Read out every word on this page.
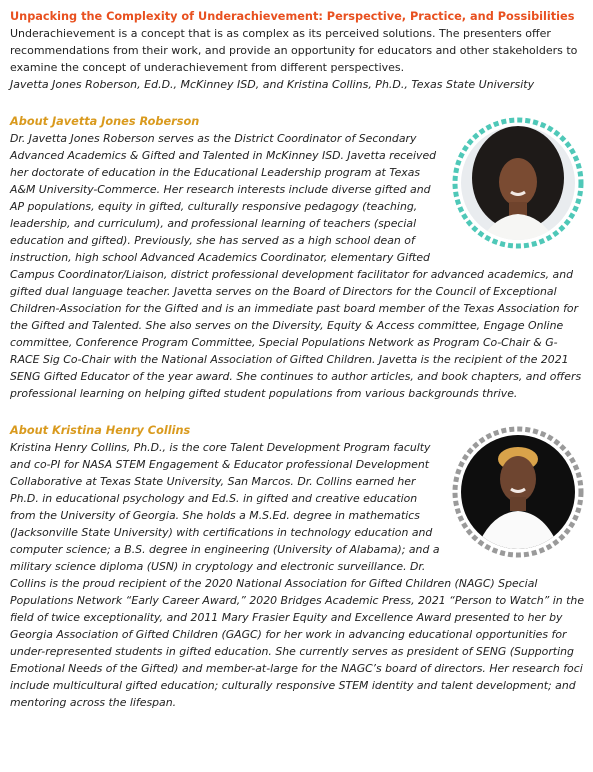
Unpacking the Complexity of Underachievement: Perspective, Practice, and Possibilities

Underachievement is a concept that is as complex as its perceived solutions. The presenters offer recommendations from their work, and provide an opportunity for educators and other stakeholders to examine the concept of underachievement from different perspectives.

Javetta Jones Roberson, Ed.D., McKinney ISD, and Kristina Collins, Ph.D., Texas State University

About Javetta Jones Roberson

Dr. Javetta Jones Roberson serves as the District Coordinator of Secondary Advanced Academics & Gifted and Talented in McKinney ISD. Javetta received her doctorate of education in the Educational Leadership program at Texas A&M University-Commerce. Her research interests include diverse gifted and AP populations, equity in gifted, culturally responsive pedagogy (teaching, leadership, and curriculum), and professional learning of teachers (special education and gifted). Previously, she has served as a high school dean of instruction, high school Advanced Academics Coordinator, elementary Gifted Campus Coordinator/Liaison, district professional development facilitator for advanced academics, and gifted dual language teacher. Javetta serves on the Board of Directors for the Council of Exceptional Children-Association for the Gifted and is an immediate past board member of the Texas Association for the Gifted and Talented. She also serves on the Diversity, Equity & Access committee, Engage Online committee, Conference Program Committee, Special Populations Network as Program Co-Chair & G-RACE Sig Co-Chair with the National Association of Gifted Children. Javetta is the recipient of the 2021 SENG Gifted Educator of the year award. She continues to author articles, and book chapters, and offers professional learning on helping gifted student populations from various backgrounds thrive.

About Kristina Henry Collins

Kristina Henry Collins, Ph.D., is the core Talent Development Program faculty and co-PI for NASA STEM Engagement & Educator professional Development Collaborative at Texas State University, San Marcos. Dr. Collins earned her Ph.D. in educational psychology and Ed.S. in gifted and creative education from the University of Georgia. She holds a M.S.Ed. degree in mathematics (Jacksonville State University) with certifications in technology education and computer science; a B.S. degree in engineering (University of Alabama); and a military science diploma (USN) in cryptology and electronic surveillance. Dr. Collins is the proud recipient of the 2020 National Association for Gifted Children (NAGC) Special Populations Network “Early Career Award,” 2020 Bridges Academic Press, 2021 “Person to Watch” in the field of twice exceptionality, and 2011 Mary Frasier Equity and Excellence Award presented to her by Georgia Association of Gifted Children (GAGC) for her work in advancing educational opportunities for under-represented students in gifted education. She currently serves as president of SENG (Supporting Emotional Needs of the Gifted) and member-at-large for the NAGC’s board of directors. Her research foci include multicultural gifted education; culturally responsive STEM identity and talent development; and mentoring across the lifespan.
